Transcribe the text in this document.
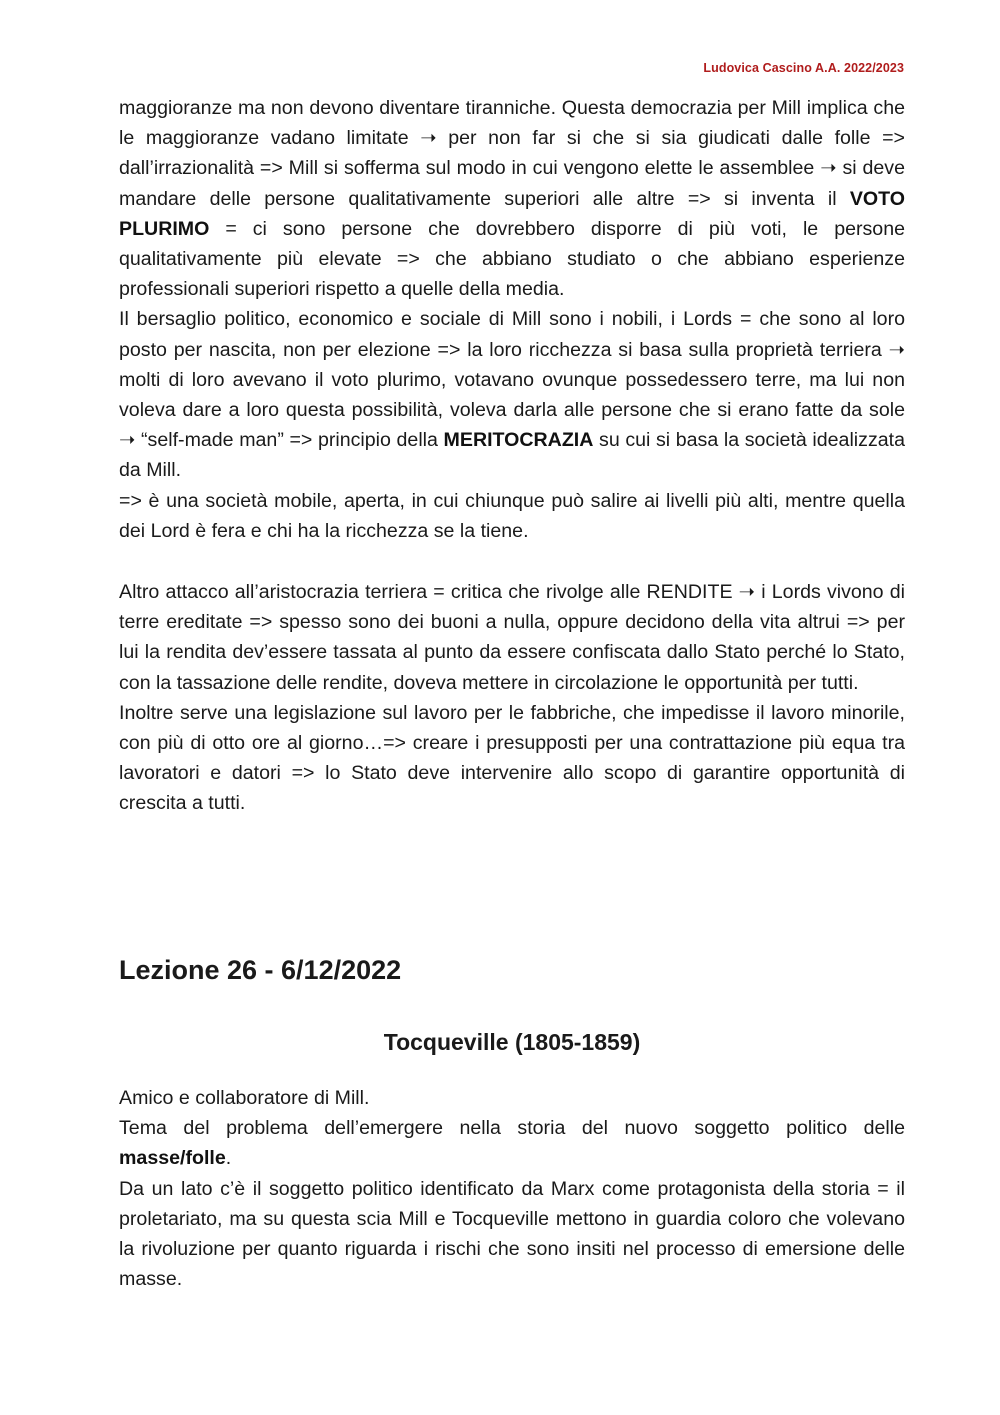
Ludovica Cascino A.A. 2022/2023

maggioranze ma non devono diventare tiranniche. Questa democrazia per Mill implica che le maggioranze vadano limitate ➝ per non far si che si sia giudicati dalle folle => dall’irrazionalità => Mill si sofferma sul modo in cui vengono elette le assemblee ➝ si deve mandare delle persone qualitativamente superiori alle altre => si inventa il VOTO PLURIMO = ci sono persone che dovrebbero disporre di più voti, le persone qualitativamente più elevate => che abbiano studiato o che abbiano esperienze professionali superiori rispetto a quelle della media.

Il bersaglio politico, economico e sociale di Mill sono i nobili, i Lords = che sono al loro posto per nascita, non per elezione => la loro ricchezza si basa sulla proprietà terriera ➝ molti di loro avevano il voto plurimo, votavano ovunque possedessero terre, ma lui non voleva dare a loro questa possibilità, voleva darla alle persone che si erano fatte da sole ➝ “self-made man” => principio della MERITOCRAZIA su cui si basa la società idealizzata da Mill.

=> è una società mobile, aperta, in cui chiunque può salire ai livelli più alti, mentre quella dei Lord è fera e chi ha la ricchezza se la tiene.

Altro attacco all’aristocrazia terriera = critica che rivolge alle RENDITE ➝ i Lords vivono di terre ereditate => spesso sono dei buoni a nulla, oppure decidono della vita altrui => per lui la rendita dev’essere tassata al punto da essere confiscata dallo Stato perché lo Stato, con la tassazione delle rendite, doveva mettere in circolazione le opportunità per tutti.

Inoltre serve una legislazione sul lavoro per le fabbriche, che impedisse il lavoro minorile, con più di otto ore al giorno…=> creare i presupposti per una contrattazione più equa tra lavoratori e datori => lo Stato deve intervenire allo scopo di garantire opportunità di crescita a tutti.

Lezione 26 - 6/12/2022
Tocqueville (1805-1859)

Amico e collaboratore di Mill.

Tema del problema dell’emergere nella storia del nuovo soggetto politico delle masse/folle.

Da un lato c’è il soggetto politico identificato da Marx come protagonista della storia = il proletariato, ma su questa scia Mill e Tocqueville mettono in guardia coloro che volevano la rivoluzione per quanto riguarda i rischi che sono insiti nel processo di emersione delle masse.
